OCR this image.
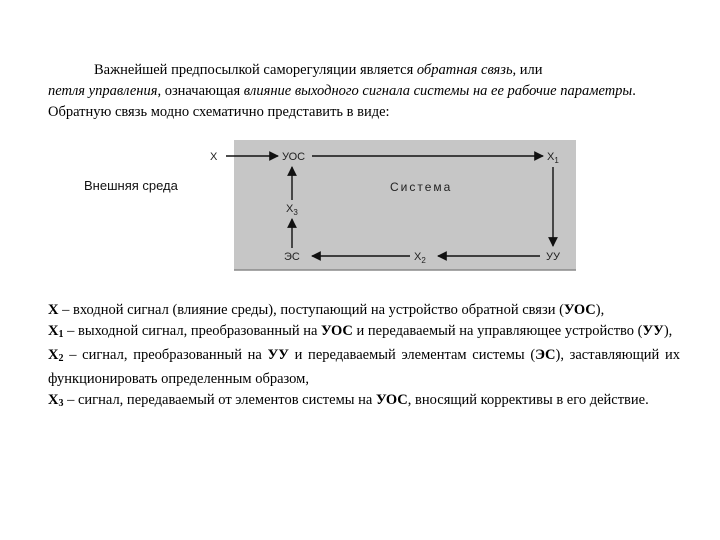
Важнейшей предпосылкой саморегуляции является обратная связь, или
петля управления, означающая влияние выходного сигнала системы на ее рабочие параметры. Обратную связь модно схематично представить в виде:
Внешняя среда	Система
X	УОС	$X_1$
УУ
$X_2$
ЭС
$X_3$

X – входной сигнал (влияние среды), поступающий на устройство обратной связи (УОС),

$X_1$ – выходной сигнал, преобразованный на УОС и передаваемый на управляющее устройство (УУ),

$X_2$ – сигнал, преобразованный на УУ и передаваемый элементам системы (ЭС), заставляющий их функционировать определенным образом,

$X_3$ – сигнал, передаваемый от элементов системы на УОС, вносящий коррективы в его действие.
